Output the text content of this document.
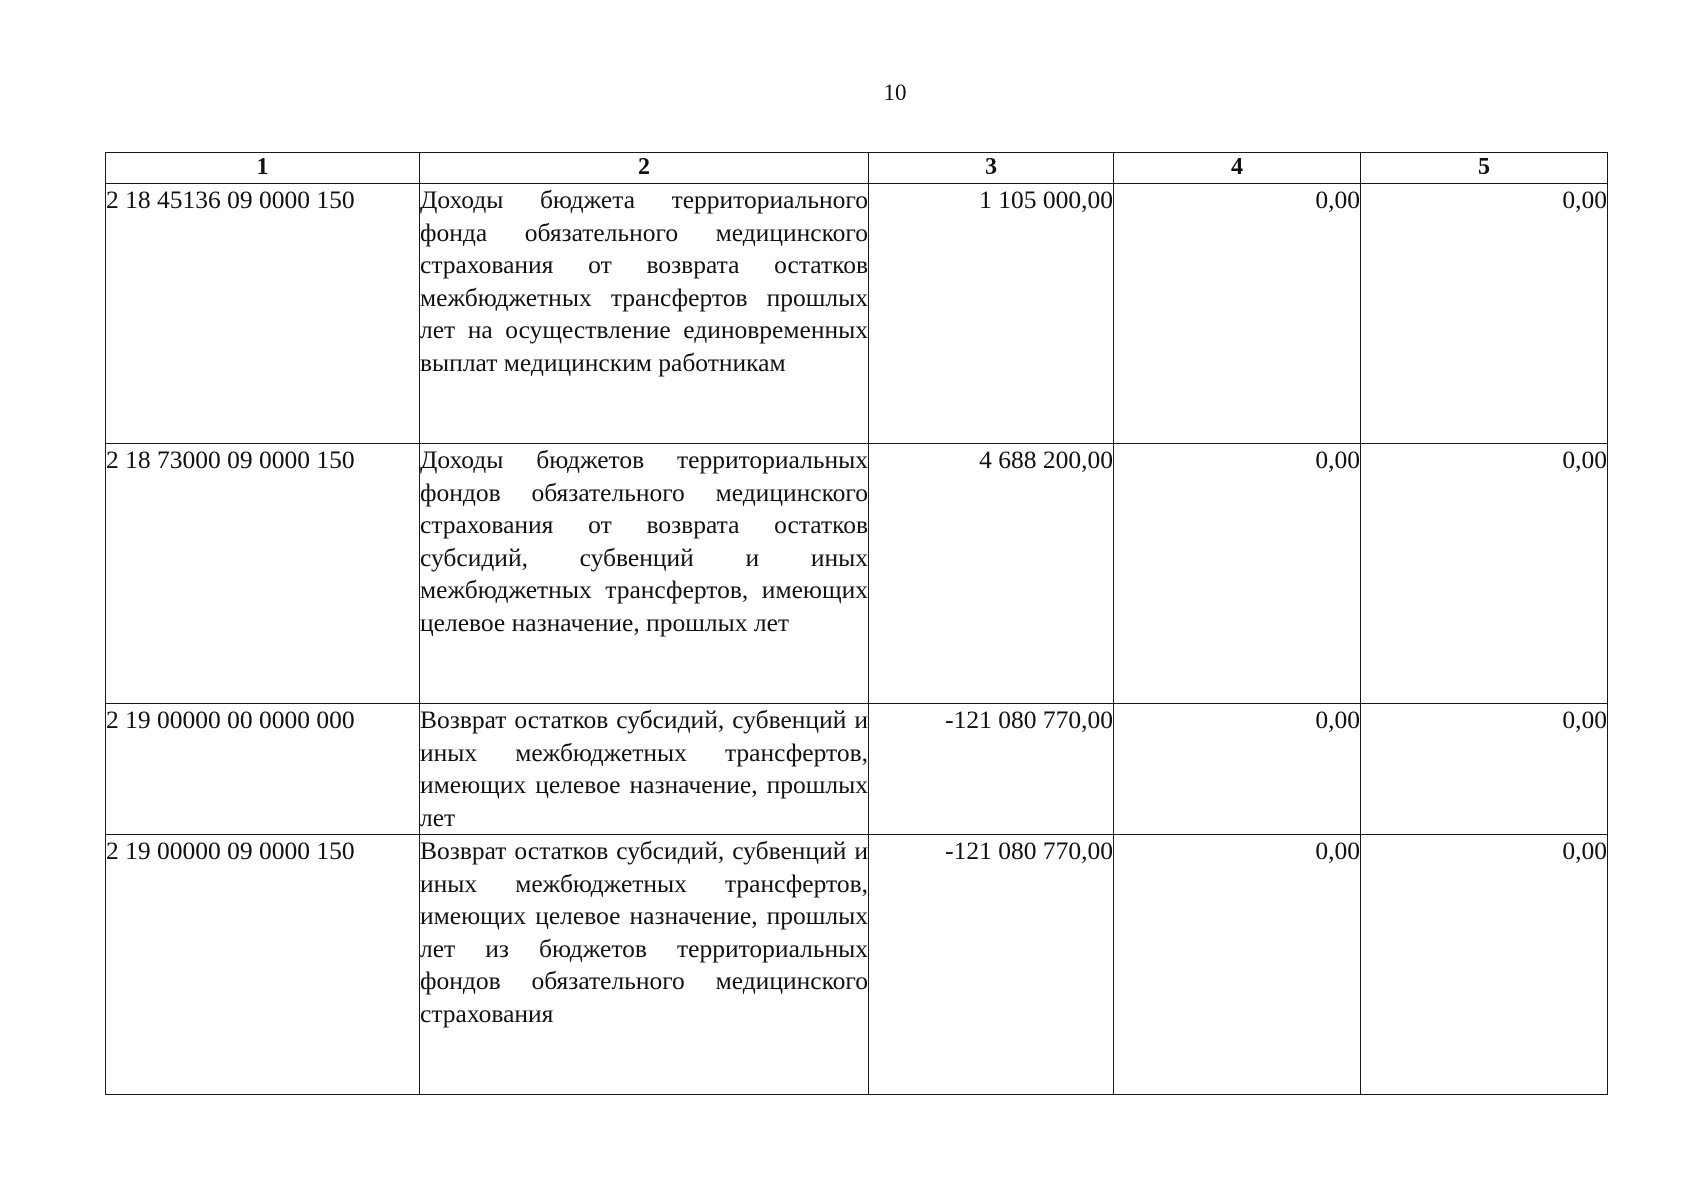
10
1	2	3	4	5
2 18 45136 09 0000 150	Доходы бюджета территориального фонда обязательного медицинского страхования от возврата остатков межбюджетных трансфертов прошлых лет на осуществление единовременных выплат медицинским работникам	1 105 000,00	0,00	0,00
2 18 73000 09 0000 150	Доходы бюджетов территориальных фондов обязательного медицинского страхования от возврата остатков субсидий, субвенций и иных межбюджетных трансфертов, имеющих целевое назначение, прошлых лет	4 688 200,00	0,00	0,00
2 19 00000 00 0000 000	Возврат остатков субсидий, субвенций и иных межбюджетных трансфертов, имеющих целевое назначение, прошлых лет	-121 080 770,00	0,00	0,00
2 19 00000 09 0000 150	Возврат остатков субсидий, субвенций и иных межбюджетных трансфертов, имеющих целевое назначение, прошлых лет из бюджетов территориальных фондов обязательного медицинского страхования	-121 080 770,00	0,00	0,00
